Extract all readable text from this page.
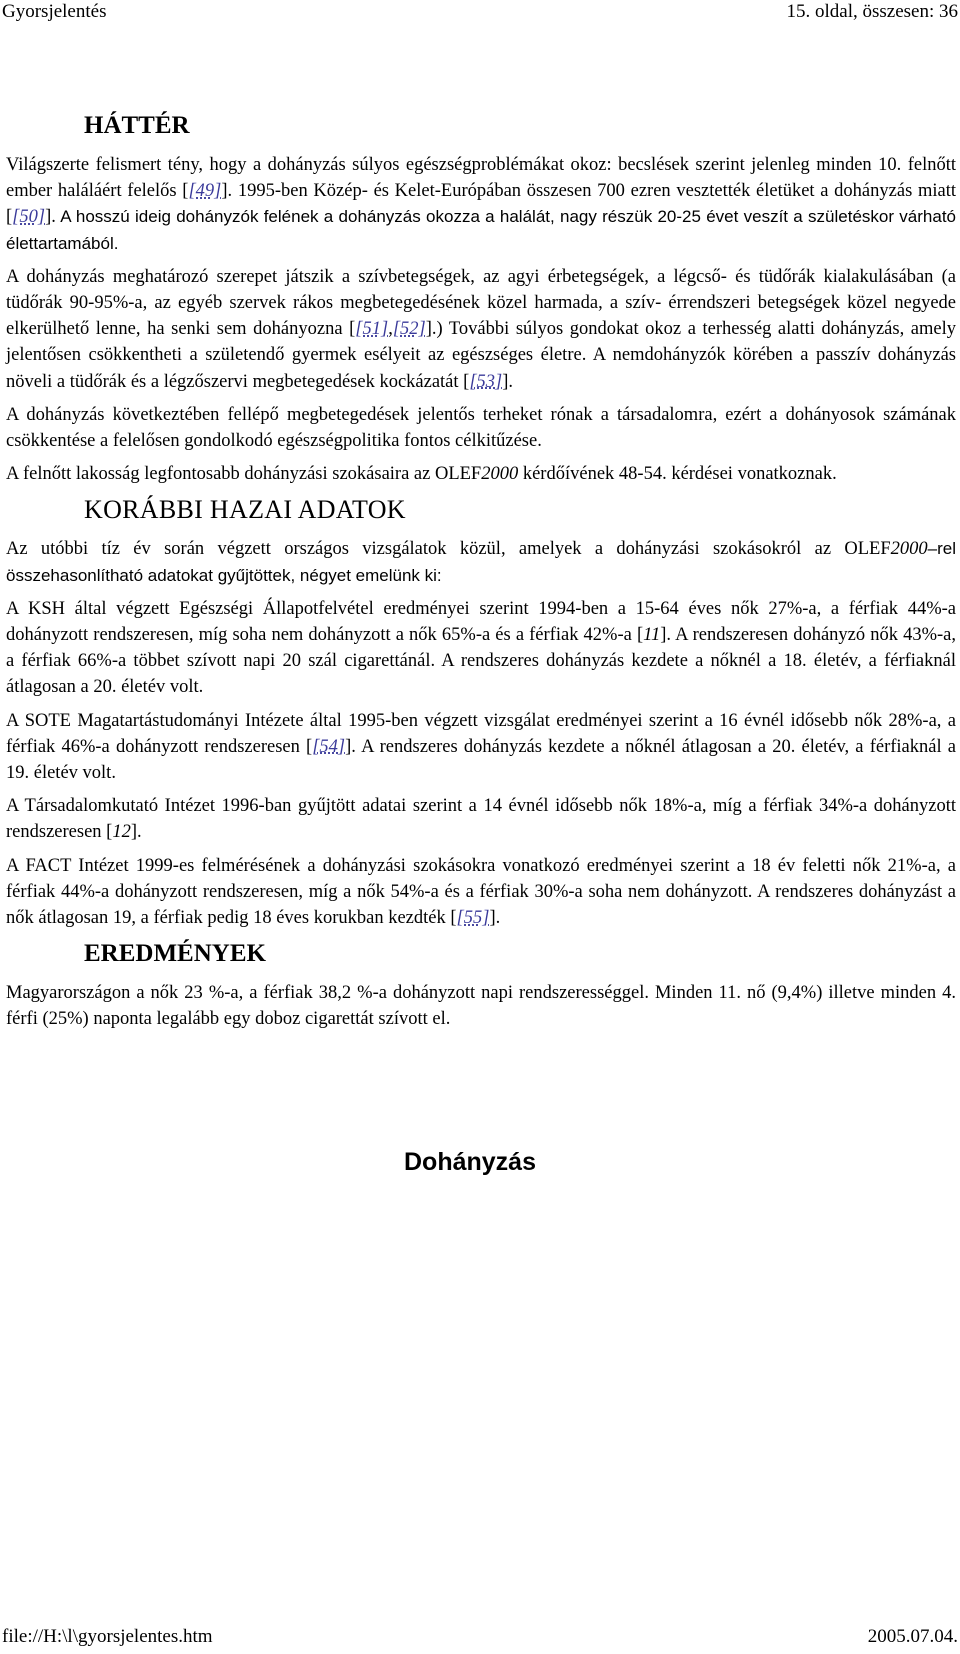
Gyorsjelentés	15. oldal, összesen: 36
HÁTTÉR

Világszerte felismert tény, hogy a dohányzás súlyos egészségproblémákat okoz: becslések szerint jelenleg minden 10. felnőtt ember haláláért felelős [[49]]. 1995-ben Közép- és Kelet-Európában összesen 700 ezren vesztették életüket a dohányzás miatt [[50]]. A hosszú ideig dohányzók felének a dohányzás okozza a halálát, nagy részük 20-25 évet veszít a születéskor várható élettartamából.

A dohányzás meghatározó szerepet játszik a szívbetegségek, az agyi érbetegségek, a légcső- és tüdőrák kialakulásában (a tüdőrák 90-95%-a, az egyéb szervek rákos megbetegedésének közel harmada, a szív- érrendszeri betegségek közel negyede elkerülhető lenne, ha senki sem dohányozna [[51],[52]].) További súlyos gondokat okoz a terhesség alatti dohányzás, amely jelentősen csökkentheti a születendő gyermek esélyeit az egészséges életre. A nemdohányzók körében a passzív dohányzás növeli a tüdőrák és a légzőszervi megbetegedések kockázatát [[53]].

A dohányzás következtében fellépő megbetegedések jelentős terheket rónak a társadalomra, ezért a dohányosok számának csökkentése a felelősen gondolkodó egészségpolitika fontos célkitűzése.

A felnőtt lakosság legfontosabb dohányzási szokásaira az OLEF2000 kérdőívének 48-54. kérdései vonatkoznak.

KORÁBBI HAZAI ADATOK

Az utóbbi tíz év során végzett országos vizsgálatok közül, amelyek a dohányzási szokásokról az OLEF2000–rel összehasonlítható adatokat gyűjtöttek, négyet emelünk ki:

A KSH által végzett Egészségi Állapotfelvétel eredményei szerint 1994-ben a 15-64 éves nők 27%-a, a férfiak 44%-a dohányzott rendszeresen, míg soha nem dohányzott a nők 65%-a és a férfiak 42%-a [11]. A rendszeresen dohányzó nők 43%-a, a férfiak 66%-a többet szívott napi 20 szál cigarettánál. A rendszeres dohányzás kezdete a nőknél a 18. életév, a férfiaknál átlagosan a 20. életév volt.

A SOTE Magatartástudományi Intézete által 1995-ben végzett vizsgálat eredményei szerint a 16 évnél idősebb nők 28%-a, a férfiak 46%-a dohányzott rendszeresen [[54]]. A rendszeres dohányzás kezdete a nőknél átlagosan a 20. életév, a férfiaknál a 19. életév volt.

A Társadalomkutató Intézet 1996-ban gyűjtött adatai szerint a 14 évnél idősebb nők 18%-a, míg a férfiak 34%-a dohányzott rendszeresen [12].

A FACT Intézet 1999-es felmérésének a dohányzási szokásokra vonatkozó eredményei szerint a 18 év feletti nők 21%-a, a férfiak 44%-a dohányzott rendszeresen, míg a nők 54%-a és a férfiak 30%-a soha nem dohányzott. A rendszeres dohányzást a nők átlagosan 19, a férfiak pedig 18 éves korukban kezdték [[55]].

EREDMÉNYEK

Magyarországon a nők 23 %-a, a férfiak 38,2 %-a dohányzott napi rendszerességgel. Minden 11. nő (9,4%) illetve minden 4. férfi (25%) naponta legalább egy doboz cigarettát szívott el.

Dohányzás
file://H:\l\gyorsjelentes.htm	2005.07.04.
